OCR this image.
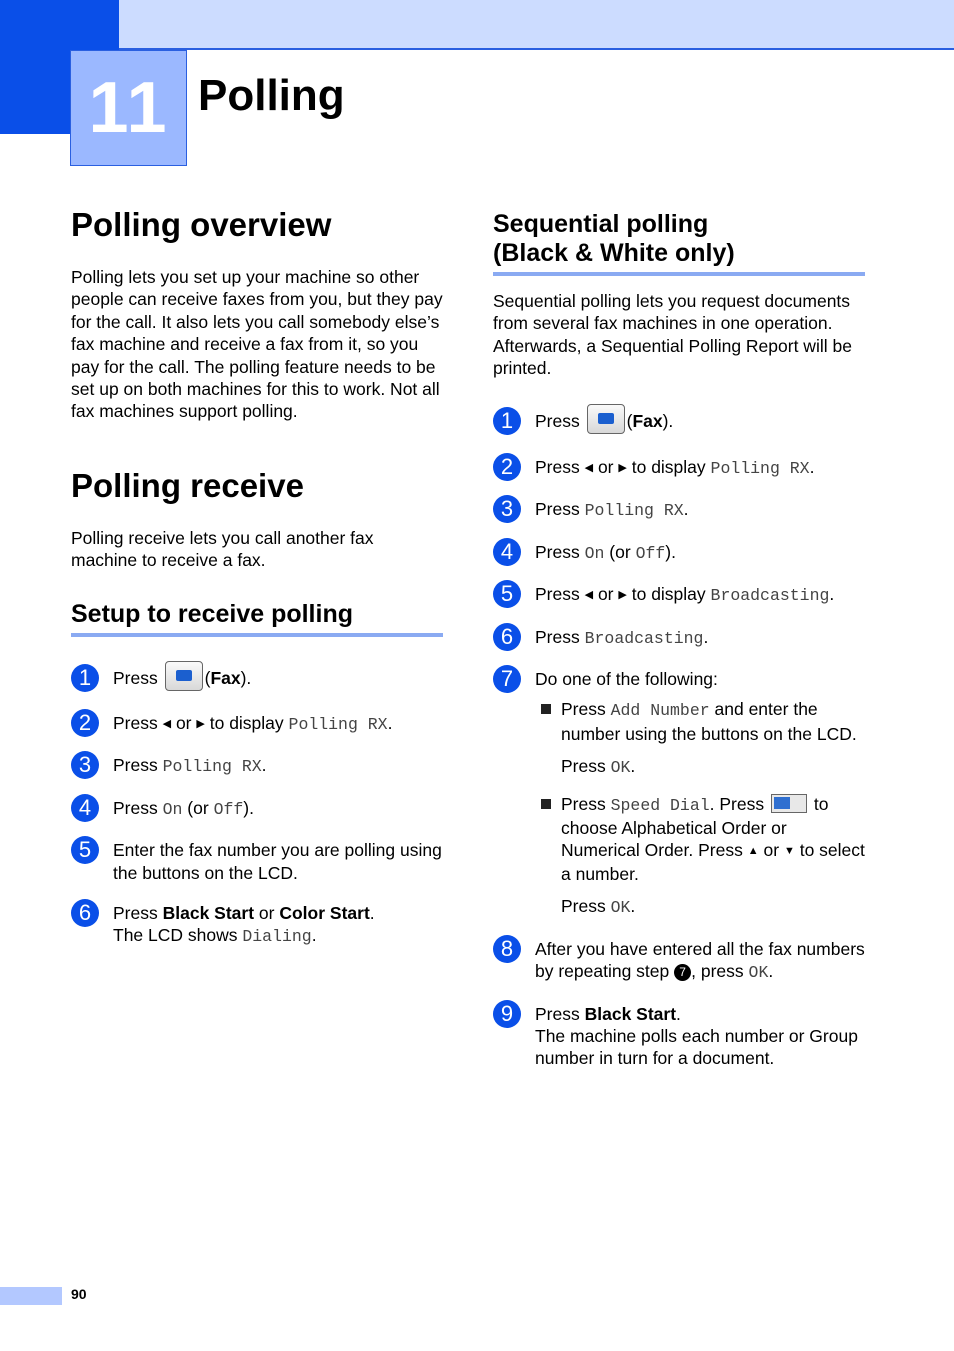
11 Polling
Polling overview

Polling lets you set up your machine so other people can receive faxes from you, but they pay for the call. It also lets you call somebody else’s fax machine and receive a fax from it, so you pay for the call. The polling feature needs to be set up on both machines for this to work. Not all fax machines support polling.

Polling receive

Polling receive lets you call another fax machine to receive a fax.

Setup to receive polling
1	Press	(Fax).
2	Press ◀ or ▶ to display Polling RX.
3	Press Polling RX.
4	Press On (or Off).
5	Enter the fax number you are polling using the buttons on the LCD.
6	Press Black Start or Color Start.
The LCD shows Dialing.
Sequential polling
(Black & White only)

Sequential polling lets you request documents from several fax machines in one operation. Afterwards, a Sequential Polling Report will be printed.

1	Press	(Fax).
2	Press ◀ or ▶ to display Polling RX.
3	Press Polling RX.
4	Press On (or Off).
5	Press ◀ or ▶ to display Broadcasting.
6	Press Broadcasting.
7	Do one of the following:
Press Add Number and enter the number using the buttons on the LCD.
Press OK.
Press Speed Dial. Press	to choose Alphabetical Order or Numerical Order. Press ▲ or ▼ to select a number.
Press OK.
8	After you have entered all the fax numbers by repeating step 7 , press OK.
9	Press Black Start.
The machine polls each number or Group number in turn for a document.
90
